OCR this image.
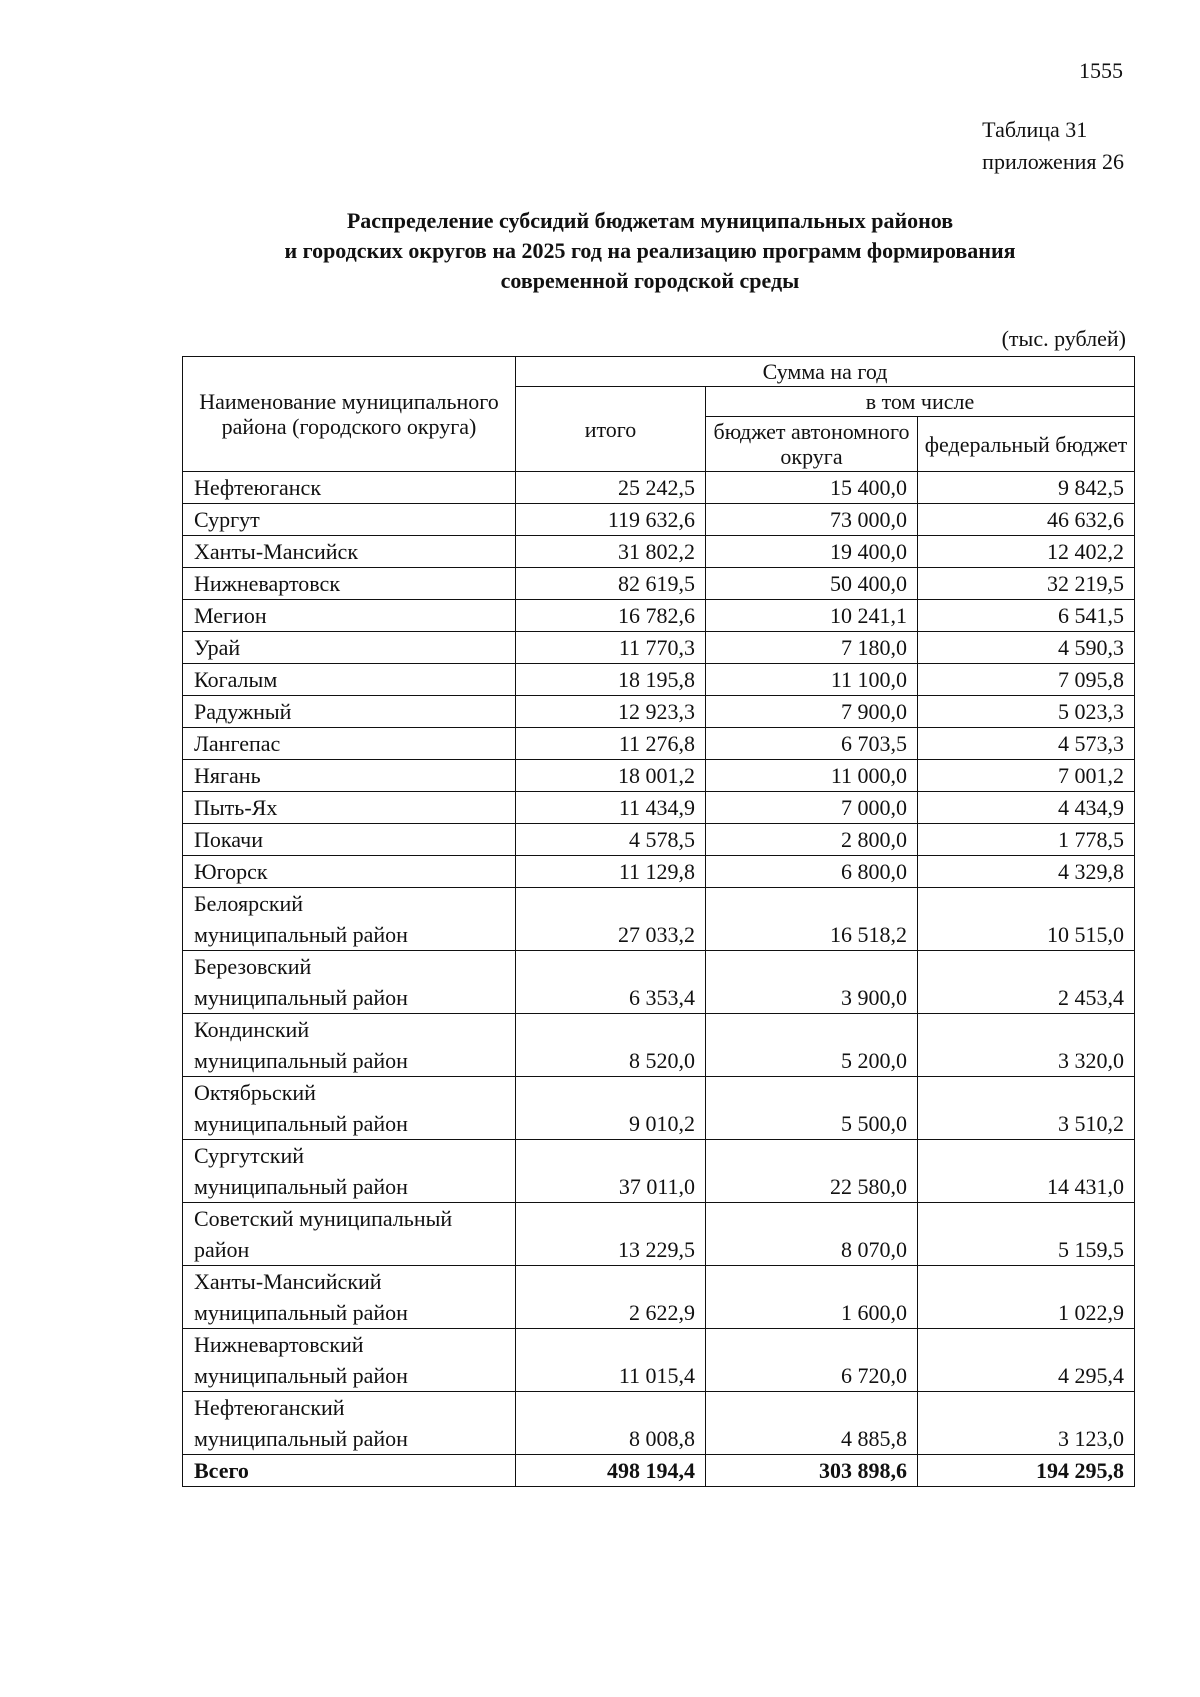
1555
Таблица 31
приложения 26
Распределение субсидий бюджетам муниципальных районов
и городских округов на 2025 год на реализацию программ формирования
современной городской среды
(тыс. рублей)
Наименование муниципального района (городского округа)	Сумма на год		
	итого	в том числе	
		бюджет автономного округа	федеральный бюджет

Нефтеюганск	25 242,5	15 400,0	9 842,5

Сургут	119 632,6	73 000,0	46 632,6

Ханты-Мансийск	31 802,2	19 400,0	12 402,2

Нижневартовск	82 619,5	50 400,0	32 219,5

Мегион	16 782,6	10 241,1	6 541,5

Урай	11 770,3	7 180,0	4 590,3

Когалым	18 195,8	11 100,0	7 095,8

Радужный	12 923,3	7 900,0	5 023,3

Лангепас	11 276,8	6 703,5	4 573,3

Нягань	18 001,2	11 000,0	7 001,2

Пыть-Ях	11 434,9	7 000,0	4 434,9

Покачи	4 578,5	2 800,0	1 778,5

Югорск	11 129,8	6 800,0	4 329,8

Белоярский
муниципальный район	27 033,2	16 518,2	10 515,0

Березовский
муниципальный район	6 353,4	3 900,0	2 453,4

Кондинский
муниципальный район	8 520,0	5 200,0	3 320,0

Октябрьский
муниципальный район	9 010,2	5 500,0	3 510,2

Сургутский
муниципальный район	37 011,0	22 580,0	14 431,0

Советский муниципальный
район	13 229,5	8 070,0	5 159,5

Ханты-Мансийский
муниципальный район	2 622,9	1 600,0	1 022,9

Нижневартовский
муниципальный район	11 015,4	6 720,0	4 295,4

Нефтеюганский
муниципальный район	8 008,8	4 885,8	3 123,0
Всего	498 194,4	303 898,6	194 295,8
